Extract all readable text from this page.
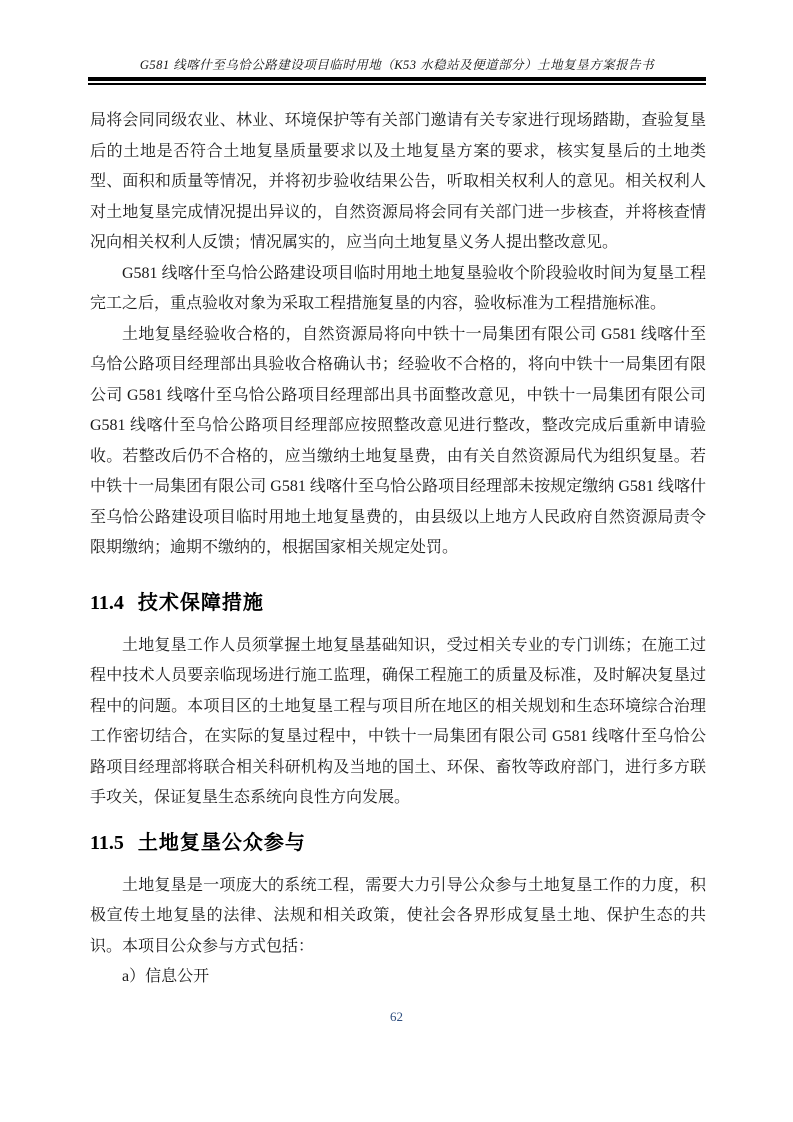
G581 线喀什至乌恰公路建设项目临时用地（K53 水稳站及便道部分）土地复垦方案报告书

局将会同同级农业、林业、环境保护等有关部门邀请有关专家进行现场踏勘，查验复垦后的土地是否符合土地复垦质量要求以及土地复垦方案的要求，核实复垦后的土地类型、面积和质量等情况，并将初步验收结果公告，听取相关权利人的意见。相关权利人对土地复垦完成情况提出异议的，自然资源局将会同有关部门进一步核查，并将核查情况向相关权利人反馈；情况属实的，应当向土地复垦义务人提出整改意见。

G581 线喀什至乌恰公路建设项目临时用地土地复垦验收个阶段验收时间为复垦工程完工之后，重点验收对象为采取工程措施复垦的内容，验收标准为工程措施标准。

土地复垦经验收合格的，自然资源局将向中铁十一局集团有限公司 G581 线喀什至乌恰公路项目经理部出具验收合格确认书；经验收不合格的，将向中铁十一局集团有限公司 G581 线喀什至乌恰公路项目经理部出具书面整改意见，中铁十一局集团有限公司 G581 线喀什至乌恰公路项目经理部应按照整改意见进行整改，整改完成后重新申请验收。若整改后仍不合格的，应当缴纳土地复垦费，由有关自然资源局代为组织复垦。若中铁十一局集团有限公司 G581 线喀什至乌恰公路项目经理部未按规定缴纳 G581 线喀什至乌恰公路建设项目临时用地土地复垦费的，由县级以上地方人民政府自然资源局责令限期缴纳；逾期不缴纳的，根据国家相关规定处罚。

11.4 技术保障措施

土地复垦工作人员须掌握土地复垦基础知识，受过相关专业的专门训练；在施工过程中技术人员要亲临现场进行施工监理，确保工程施工的质量及标准，及时解决复垦过程中的问题。本项目区的土地复垦工程与项目所在地区的相关规划和生态环境综合治理工作密切结合，在实际的复垦过程中，中铁十一局集团有限公司 G581 线喀什至乌恰公路项目经理部将联合相关科研机构及当地的国土、环保、畜牧等政府部门，进行多方联手攻关，保证复垦生态系统向良性方向发展。

11.5 土地复垦公众参与

土地复垦是一项庞大的系统工程，需要大力引导公众参与土地复垦工作的力度，积极宣传土地复垦的法律、法规和相关政策，使社会各界形成复垦土地、保护生态的共识。本项目公众参与方式包括：

a）信息公开

62
